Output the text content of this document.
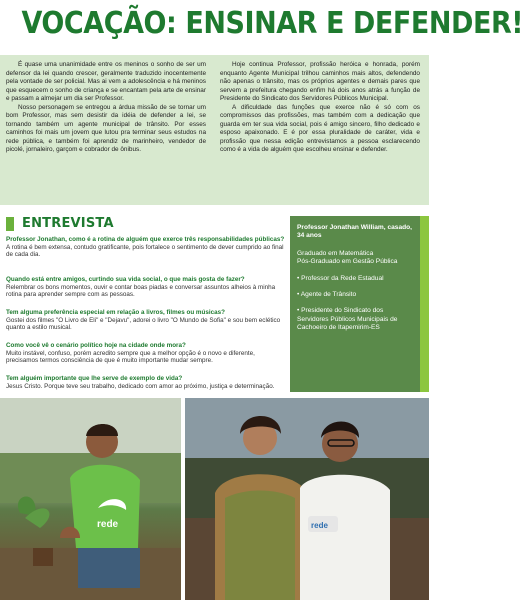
VOCAÇÃO: ENSINAR E DEFENDER!

É quase uma unanimidade entre os meninos o sonho de ser um defensor da lei quando crescer, geralmente traduzido inocentemente pela vontade de ser policial. Mas ai vem a adolescência e há meninos que esquecem o sonho de criança e se encantam pela arte de ensinar e passam a almejar um dia ser Professor.

Nosso personagem se entregou a árdua missão de se tornar um bom Professor, mas sem desistir da idéia de defender a lei, se tornando também um agente municipal de trânsito. Por esses caminhos foi mais um jovem que lutou pra terminar seus estudos na rede pública, e também foi aprendiz de marinheiro, vendedor de picolé, jornaleiro, garçom e cobrador de ônibus.

Hoje continua Professor, profissão heróica e honrada, porém enquanto Agente Municipal trilhou caminhos mais altos, defendendo não apenas o trânsito, mas os próprios agentes e demais pares que servem a prefeitura chegando enfim há dois anos atrás a função de Presidente do Sindicato dos Servidores Públicos Municipal.

A dificuldade das funções que exerce não é só com os compromissos das profissões, mas também com a dedicação que guarda em ter sua vida social, pois é amigo sincero, filho dedicado e esposo apaixonado. E é por essa pluralidade de caráter, vida e profissão que nessa edição entrevistamos a pessoa esclarecendo como é a vida de alguém que escolheu ensinar e defender.

ENTREVISTA
Professor Jonathan, como é a rotina de alguém que exerce três responsabilidades públicas?
A rotina é bem extensa, contudo gratificante, pois fortalece o sentimento de dever cumprido ao final de cada dia.
Quando está entre amigos, curtindo sua vida social, o que mais gosta de fazer?
Relembrar os bons momentos, ouvir e contar boas piadas e conversar assuntos alheios à minha rotina para aprender sempre com as pessoas.
Tem alguma preferência especial em relação a livros, filmes ou músicas?
Gostei dos filmes "O Livro de Eli" e "Dejavu", adorei o livro "O Mundo de Sofia" e sou bem eclético quanto a estilo musical.
Como você vê o cenário político hoje na cidade onde mora?
Muito instável, confuso, porém acredito sempre que a melhor opção é o novo e diferente, precisamos termos consciência de que é muito importante mudar sempre.
Tem alguém importante que lhe serve de exemplo de vida?
Jesus Cristo. Porque teve seu trabalho, dedicado com amor ao próximo, justiça e determinação.
Professor Jonathan William, casado, 34 anos
Graduado em Matemática
Pós-Graduado em Gestão Pública
• Professor da Rede Estadual
• Agente de Trânsito
• Presidente do Sindicato dos Servidores Públicos Municipais de Cachoeiro de Itapemirim-ES
rede	rede
